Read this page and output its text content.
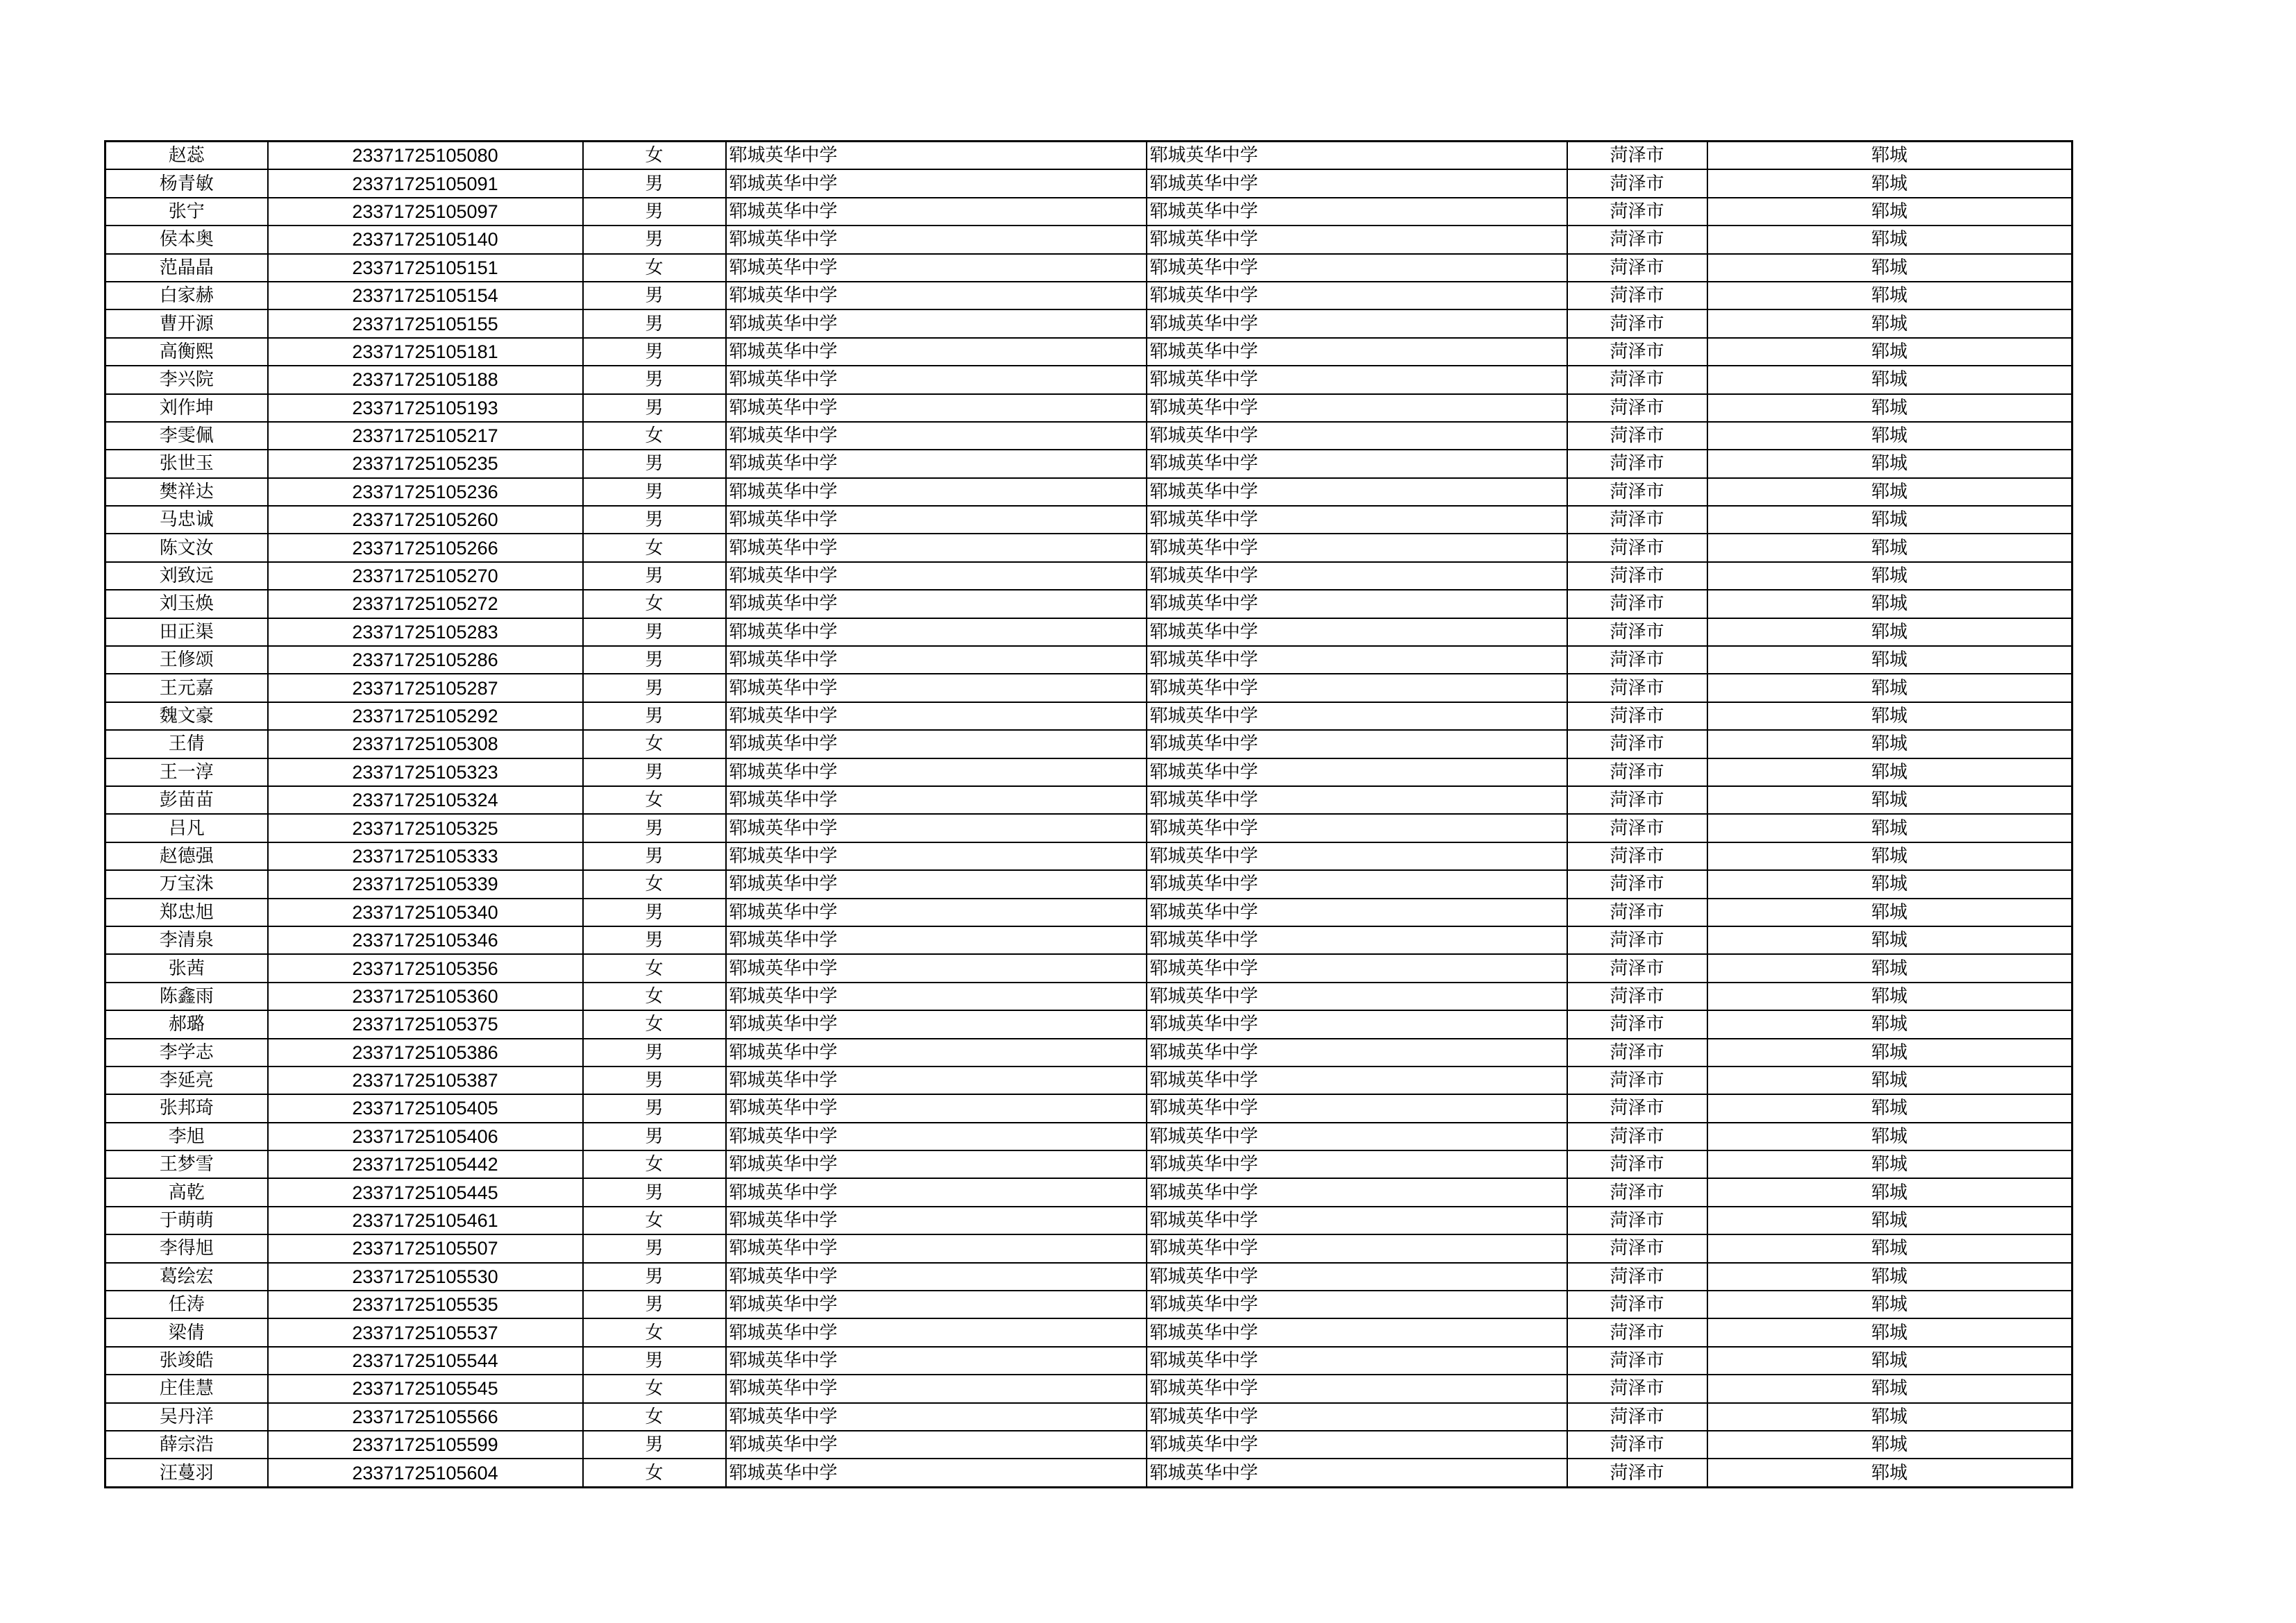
赵蕊	23371725105080	女	郓城英华中学	郓城英华中学	菏泽市	郓城
杨青敏	23371725105091	男	郓城英华中学	郓城英华中学	菏泽市	郓城
张宁	23371725105097	男	郓城英华中学	郓城英华中学	菏泽市	郓城
侯本奥	23371725105140	男	郓城英华中学	郓城英华中学	菏泽市	郓城
范晶晶	23371725105151	女	郓城英华中学	郓城英华中学	菏泽市	郓城
白家赫	23371725105154	男	郓城英华中学	郓城英华中学	菏泽市	郓城
曹开源	23371725105155	男	郓城英华中学	郓城英华中学	菏泽市	郓城
高衡熙	23371725105181	男	郓城英华中学	郓城英华中学	菏泽市	郓城
李兴院	23371725105188	男	郓城英华中学	郓城英华中学	菏泽市	郓城
刘作坤	23371725105193	男	郓城英华中学	郓城英华中学	菏泽市	郓城
李雯佩	23371725105217	女	郓城英华中学	郓城英华中学	菏泽市	郓城
张世玉	23371725105235	男	郓城英华中学	郓城英华中学	菏泽市	郓城
樊祥达	23371725105236	男	郓城英华中学	郓城英华中学	菏泽市	郓城
马忠诚	23371725105260	男	郓城英华中学	郓城英华中学	菏泽市	郓城
陈文汝	23371725105266	女	郓城英华中学	郓城英华中学	菏泽市	郓城
刘致远	23371725105270	男	郓城英华中学	郓城英华中学	菏泽市	郓城
刘玉焕	23371725105272	女	郓城英华中学	郓城英华中学	菏泽市	郓城
田正渠	23371725105283	男	郓城英华中学	郓城英华中学	菏泽市	郓城
王修颂	23371725105286	男	郓城英华中学	郓城英华中学	菏泽市	郓城
王元嘉	23371725105287	男	郓城英华中学	郓城英华中学	菏泽市	郓城
魏文豪	23371725105292	男	郓城英华中学	郓城英华中学	菏泽市	郓城
王倩	23371725105308	女	郓城英华中学	郓城英华中学	菏泽市	郓城
王一淳	23371725105323	男	郓城英华中学	郓城英华中学	菏泽市	郓城
彭苗苗	23371725105324	女	郓城英华中学	郓城英华中学	菏泽市	郓城
吕凡	23371725105325	男	郓城英华中学	郓城英华中学	菏泽市	郓城
赵德强	23371725105333	男	郓城英华中学	郓城英华中学	菏泽市	郓城
万宝洙	23371725105339	女	郓城英华中学	郓城英华中学	菏泽市	郓城
郑忠旭	23371725105340	男	郓城英华中学	郓城英华中学	菏泽市	郓城
李清泉	23371725105346	男	郓城英华中学	郓城英华中学	菏泽市	郓城
张茜	23371725105356	女	郓城英华中学	郓城英华中学	菏泽市	郓城
陈鑫雨	23371725105360	女	郓城英华中学	郓城英华中学	菏泽市	郓城
郝璐	23371725105375	女	郓城英华中学	郓城英华中学	菏泽市	郓城
李学志	23371725105386	男	郓城英华中学	郓城英华中学	菏泽市	郓城
李延亮	23371725105387	男	郓城英华中学	郓城英华中学	菏泽市	郓城
张邦琦	23371725105405	男	郓城英华中学	郓城英华中学	菏泽市	郓城
李旭	23371725105406	男	郓城英华中学	郓城英华中学	菏泽市	郓城
王梦雪	23371725105442	女	郓城英华中学	郓城英华中学	菏泽市	郓城
高乾	23371725105445	男	郓城英华中学	郓城英华中学	菏泽市	郓城
于萌萌	23371725105461	女	郓城英华中学	郓城英华中学	菏泽市	郓城
李得旭	23371725105507	男	郓城英华中学	郓城英华中学	菏泽市	郓城
葛绘宏	23371725105530	男	郓城英华中学	郓城英华中学	菏泽市	郓城
任涛	23371725105535	男	郓城英华中学	郓城英华中学	菏泽市	郓城
梁倩	23371725105537	女	郓城英华中学	郓城英华中学	菏泽市	郓城
张竣皓	23371725105544	男	郓城英华中学	郓城英华中学	菏泽市	郓城
庄佳慧	23371725105545	女	郓城英华中学	郓城英华中学	菏泽市	郓城
吴丹洋	23371725105566	女	郓城英华中学	郓城英华中学	菏泽市	郓城
薛宗浩	23371725105599	男	郓城英华中学	郓城英华中学	菏泽市	郓城
汪蔓羽	23371725105604	女	郓城英华中学	郓城英华中学	菏泽市	郓城
